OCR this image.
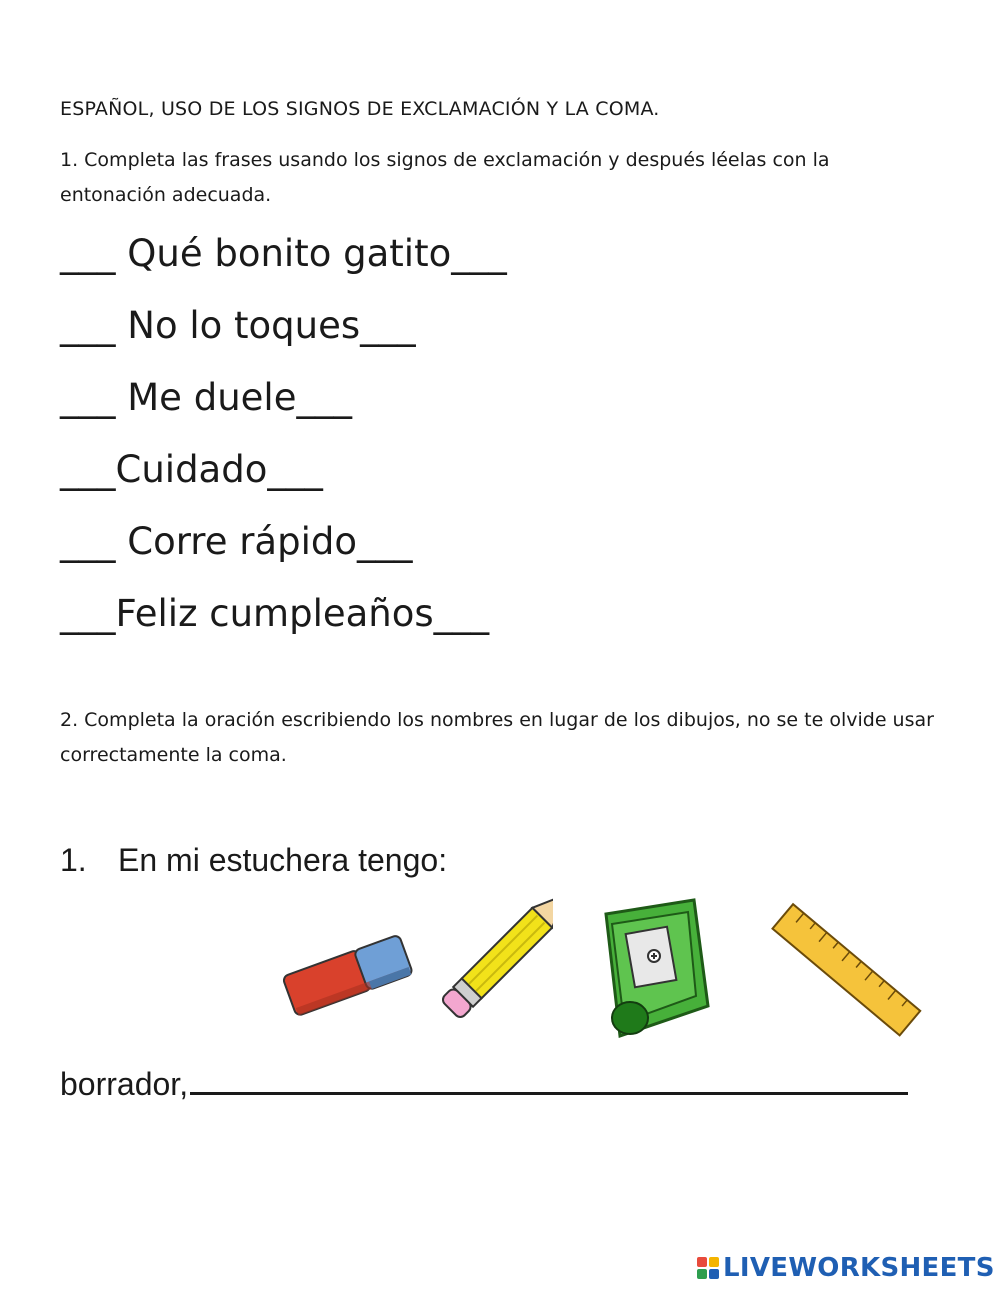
ESPAÑOL, USO DE LOS SIGNOS DE EXCLAMACIÓN Y LA COMA.
1. Completa las frases usando los signos de exclamación y después léelas con la entonación adecuada.
___ Qué bonito gatito___
___ No lo toques___
___ Me duele___
___Cuidado___
___ Corre rápido___
___Feliz cumpleaños___
2. Completa la oración escribiendo los nombres en lugar de los dibujos, no se te olvide usar correctamente la coma.
1. En mi estuchera tengo:
borrador,
LIVEWORKSHEETS
